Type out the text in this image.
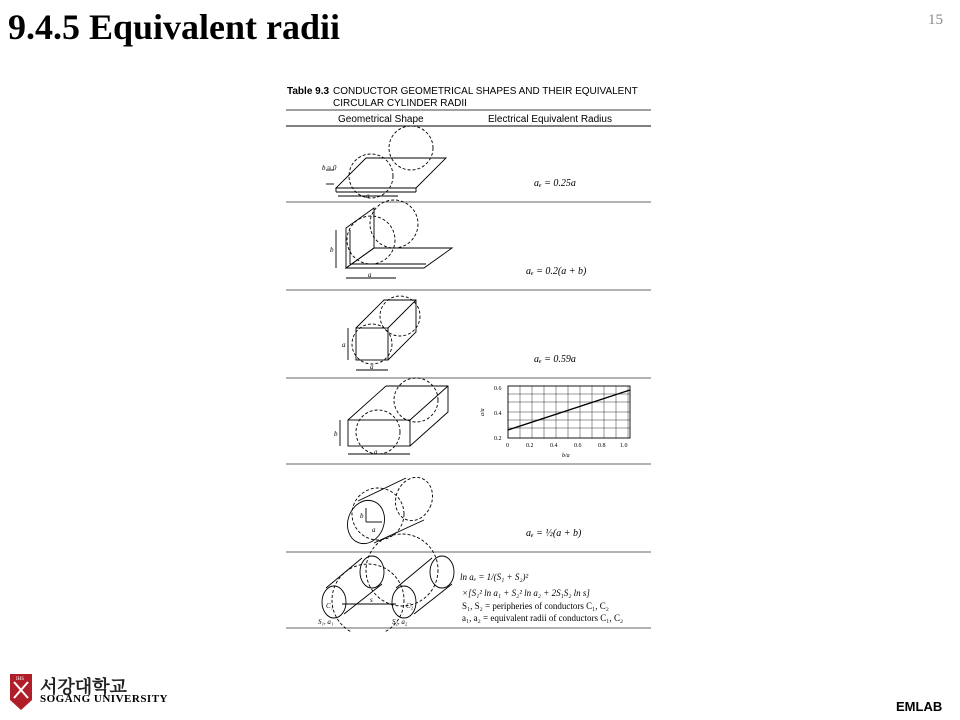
9.4.5 Equivalent radii	15
b ≈ 0
a
b
a
a
a
b
a
0.6
0.4
0.2
0	0.2	0.4	0.6	0.8 1.0
b/a
a/a
b
a
C₁	C₂
S₁, a₁	S₂, a₂
s
Table 9.3 CONDUCTOR GEOMETRICAL SHAPES AND THEIR EQUIVALENT
CIRCULAR CYLINDER RADII
Geometrical Shape	Electrical Equivalent Radius
aₑ = 0.25a
aₑ = 0.2(a + b)
aₑ = 0.59a
aₑ = ½(a + b)
ln aₑ = 1/(S₁ + S₂)²
×[S₁² ln a₁ + S₂² ln a₂ + 2S₁S₂ ln s]
S₁, S₂ = peripheries of conductors C₁, C₂
a₁, a₂ = equivalent radii of conductors C₁, C₂
IHS 서강대학교
SOGANG UNIVERSITY	EMLAB
